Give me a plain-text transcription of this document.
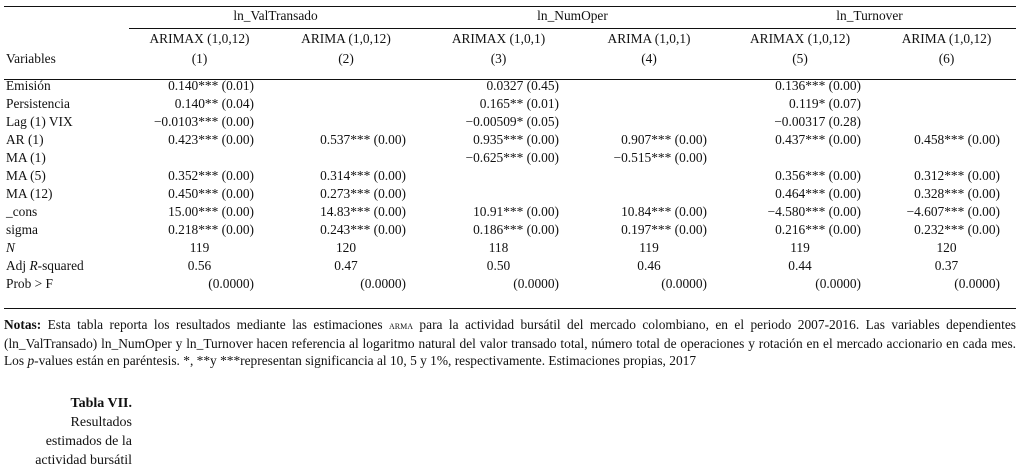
	ln_ValTransado		ln_NumOper		ln_Turnover	
	ARIMAX (1,0,12)	ARIMA (1,0,12)	ARIMAX (1,0,1)	ARIMA (1,0,1)	ARIMAX (1,0,12)	ARIMA (1,0,12)
Variables	(1)	(2)	(3)	(4)	(5)	(6)

Emisión	0.140*** (0.01)		0.0327 (0.45)		0.136*** (0.00)	
Persistencia	0.140** (0.04)		0.165** (0.01)		0.119* (0.07)	
Lag (1) VIX	−0.0103*** (0.00)		−0.00509* (0.05)		−0.00317 (0.28)	
AR (1)	0.423*** (0.00)	0.537*** (0.00)	0.935*** (0.00)	0.907*** (0.00)	0.437*** (0.00)	0.458*** (0.00)
MA (1)			−0.625*** (0.00)	−0.515*** (0.00)		
MA (5)	0.352*** (0.00)	0.314*** (0.00)			0.356*** (0.00)	0.312*** (0.00)
MA (12)	0.450*** (0.00)	0.273*** (0.00)			0.464*** (0.00)	0.328*** (0.00)
_cons	15.00*** (0.00)	14.83*** (0.00)	10.91*** (0.00)	10.84*** (0.00)	−4.580*** (0.00)	−4.607*** (0.00)
sigma	0.218*** (0.00)	0.243*** (0.00)	0.186*** (0.00)	0.197*** (0.00)	0.216*** (0.00)	0.232*** (0.00)
N	119	120	118	119	119	120
Adj R-squared	0.56	0.47	0.50	0.46	0.44	0.37
Prob > F	(0.0000)	(0.0000)	(0.0000)	(0.0000)	(0.0000)	(0.0000)
Notas: Esta tabla reporta los resultados mediante las estimaciones arma para la actividad bursátil del mercado colombiano, en el periodo 2007-2016. Las variables dependientes (ln_ValTransado) ln_NumOper y ln_Turnover hacen referencia al logaritmo natural del valor transado total, número total de operaciones y rotación en el mercado accionario en cada mes. Los p-values están en paréntesis. *, **y ***representan significancia al 10, 5 y 1%, respectivamente. Estimaciones propias, 2017
Tabla VII.
Resultados
estimados de la
actividad bursátil
